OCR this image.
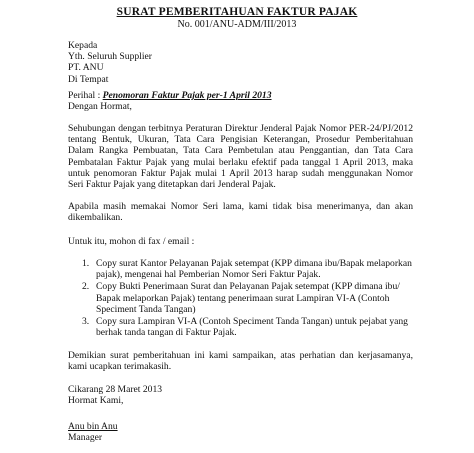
SURAT PEMBERITAHUAN FAKTUR PAJAK
No. 001/ANU-ADM/III/2013
Kepada
Yth. Seluruh Supplier
PT. ANU
Di Tempat
Perihal : Penomoran Faktur Pajak per-1 April 2013
Dengan Hormat,
Sehubungan dengan terbitnya Peraturan Direktur Jenderal Pajak Nomor PER-24/PJ/2012 tentang Bentuk, Ukuran, Tata Cara Pengisian Keterangan, Prosedur Pemberitahuan Dalam Rangka Pembuatan, Tata Cara Pembetulan atau Penggantian, dan Tata Cara Pembatalan Faktur Pajak yang mulai berlaku efektif pada tanggal 1 April 2013, maka untuk penomoran Faktur Pajak mulai 1 April 2013 harap sudah menggunakan Nomor Seri Faktur Pajak yang ditetapkan dari Jenderal Pajak.
Apabila masih memakai Nomor Seri lama, kami tidak bisa menerimanya, dan akan dikembalikan.
Untuk itu, mohon di fax / email :
1. Copy surat Kantor Pelayanan Pajak setempat (KPP dimana ibu/Bapak melaporkan pajak), mengenai hal Pemberian Nomor Seri Faktur Pajak.
2. Copy Bukti Penerimaan Surat dan Pelayanan Pajak setempat (KPP dimana ibu/ Bapak melaporkan Pajak) tentang penerimaan surat Lampiran VI-A (Contoh Speciment Tanda Tangan)
3. Copy sura Lampiran VI-A (Contoh Speciment Tanda Tangan) untuk pejabat yang berhak tanda tangan di Faktur Pajak.
Demikian surat pemberitahuan ini kami sampaikan, atas perhatian dan kerjasamanya, kami ucapkan terimakasih.
Cikarang 28 Maret 2013
Hormat Kami,
Anu bin Anu
Manager
